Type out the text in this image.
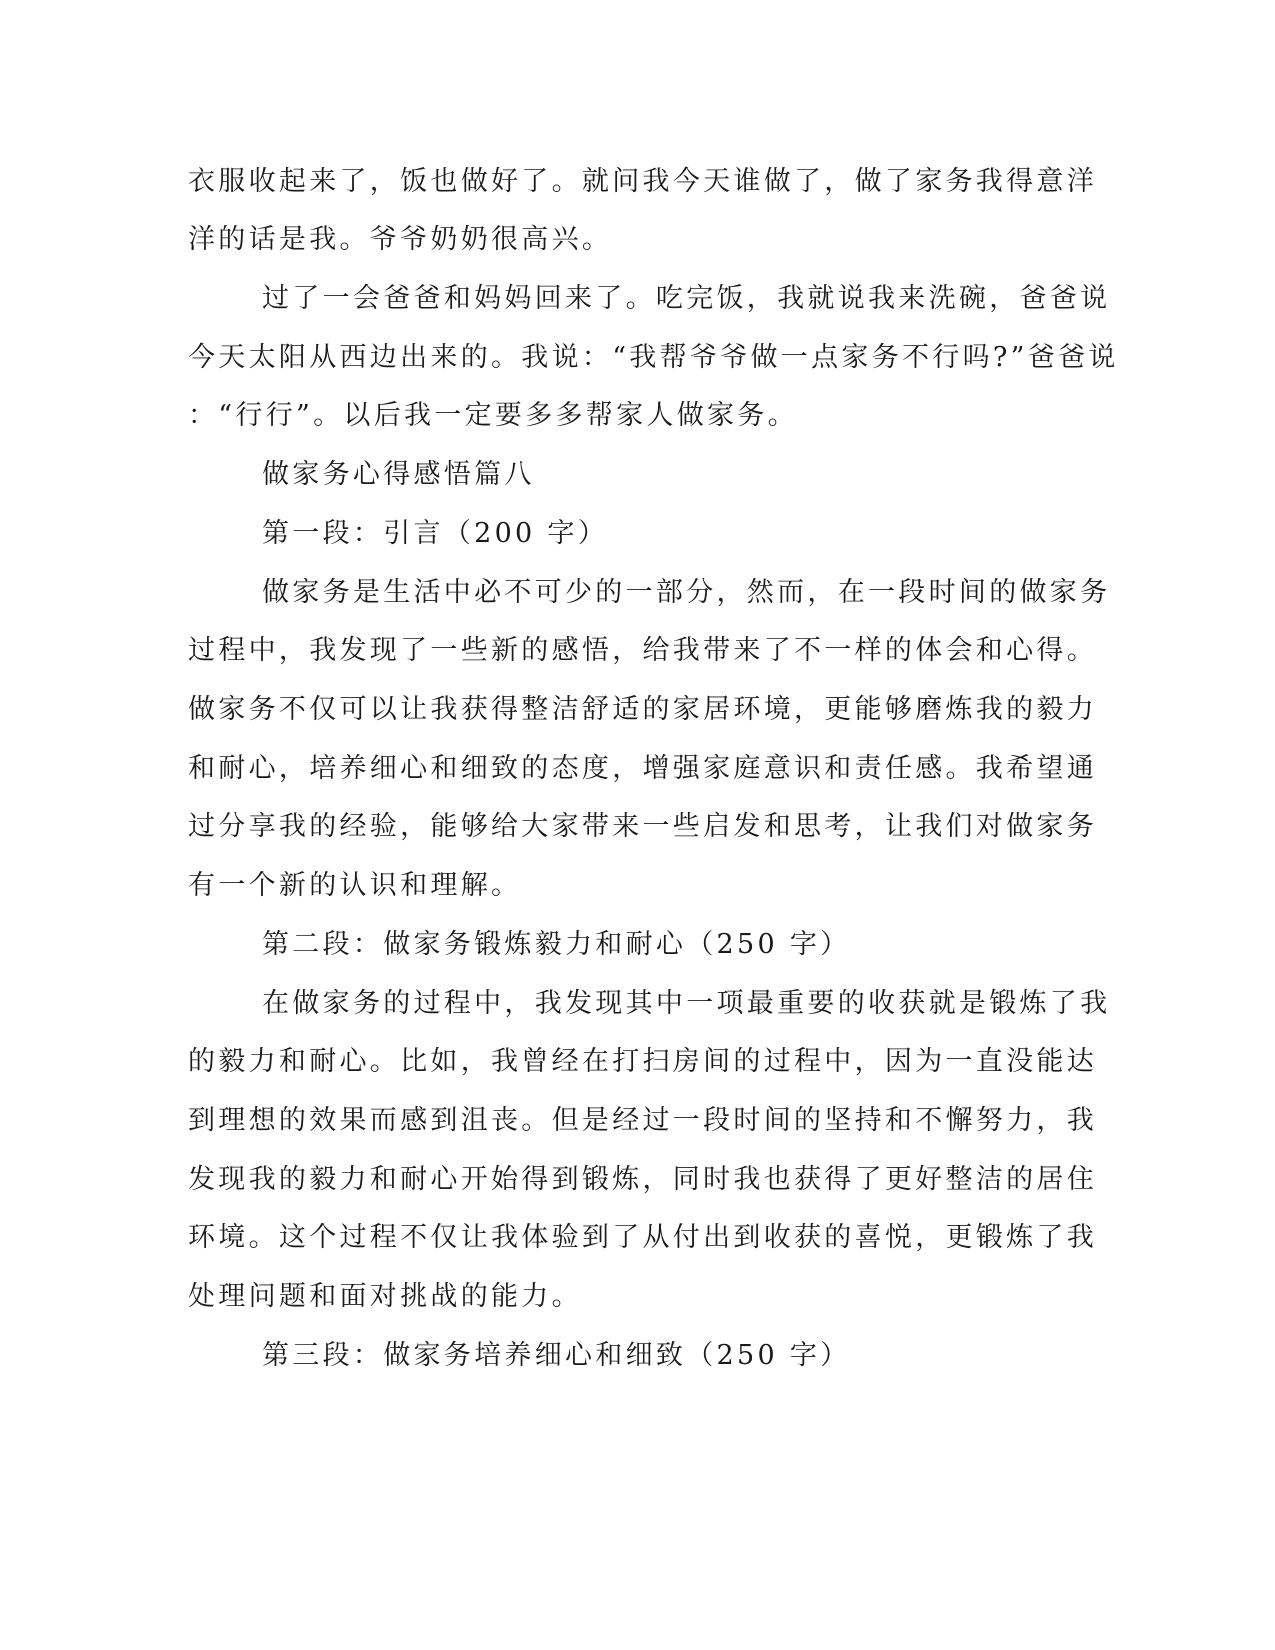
衣服收起来了，饭也做好了。就问我今天谁做了，做了家务我得意洋
洋的话是我。爷爷奶奶很高兴。
过了一会爸爸和妈妈回来了。吃完饭，我就说我来洗碗，爸爸说
今天太阳从西边出来的。我说：“我帮爷爷做一点家务不行吗?”爸爸说
：“行行”。以后我一定要多多帮家人做家务。
做家务心得感悟篇八
第一段：引言（200 字）
做家务是生活中必不可少的一部分，然而，在一段时间的做家务
过程中，我发现了一些新的感悟，给我带来了不一样的体会和心得。
做家务不仅可以让我获得整洁舒适的家居环境，更能够磨炼我的毅力
和耐心，培养细心和细致的态度，增强家庭意识和责任感。我希望通
过分享我的经验，能够给大家带来一些启发和思考，让我们对做家务
有一个新的认识和理解。
第二段：做家务锻炼毅力和耐心（250 字）
在做家务的过程中，我发现其中一项最重要的收获就是锻炼了我
的毅力和耐心。比如，我曾经在打扫房间的过程中，因为一直没能达
到理想的效果而感到沮丧。但是经过一段时间的坚持和不懈努力，我
发现我的毅力和耐心开始得到锻炼，同时我也获得了更好整洁的居住
环境。这个过程不仅让我体验到了从付出到收获的喜悦，更锻炼了我
处理问题和面对挑战的能力。
第三段：做家务培养细心和细致（250 字）
